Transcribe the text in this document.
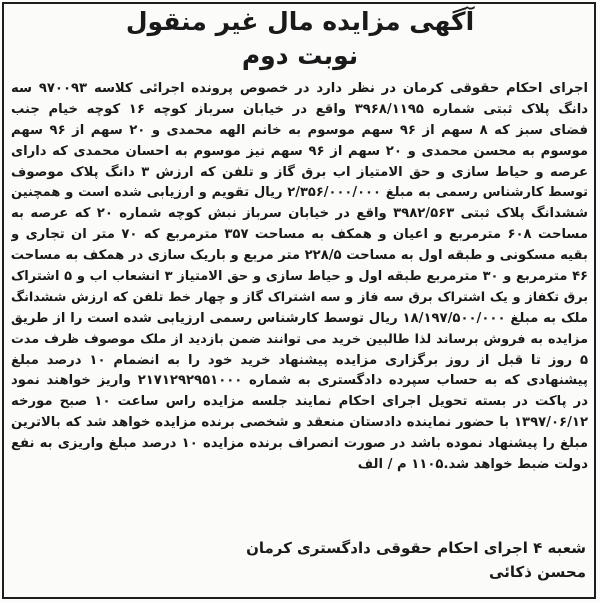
آگهی مزایده مال غیر منقول
نوبت دوم
اجرای احکام حقوقی کرمان در نظر دارد در خصوص پرونده اجرائی کلاسه ۹۷۰۰۹۳ سه
دانگ پلاک ثبتی شماره ۳۹۶۸/۱۱۹۵ واقع در خیابان سرباز کوچه ۱۶ کوچه خیام جنب
فضای سبز که ۸ سهم از ۹۶ سهم موسوم به خانم الهه محمدی و ۲۰ سهم از ۹۶ سهم
موسوم به محسن محمدی و ۲۰ سهم از ۹۶ سهم نیز موسوم به احسان محمدی که دارای
عرصه و حیاط سازی و حق الامتیاز اب برق گاز و تلفن که ارزش ۳ دانگ پلاک موصوف
توسط کارشناس رسمی به مبلغ ۲/۳۵۶/۰۰۰/۰۰۰ ریال تقویم و ارزیابی شده است و همچنین
ششدانگ پلاک ثبتی ۳۹۸۲/۵۶۳ واقع در خیابان سرباز نبش کوچه شماره ۲۰ که عرصه به
مساحت ۶۰۸ مترمربع و اعیان و همکف به مساحت ۳۵۷ مترمربع که ۷۰ متر ان تجاری و
بقیه مسکونی و طبقه اول به مساحت ۲۲۸/۵ متر مربع و باریک سازی در همکف به مساحت
۴۶ مترمربع و ۳۰ مترمربع طبقه اول و حیاط سازی و حق الامتیاز ۳ انشعاب اب و ۵ اشتراک
برق تکفاز و یک اشتراک برق سه فاز و سه اشتراک گاز و چهار خط تلفن که ارزش ششدانگ
ملک به مبلغ ۱۸/۱۹۷/۵۰۰/۰۰۰ ریال توسط کارشناس رسمی ارزیابی شده است را از طریق
مزایده به فروش برساند لذا طالبین خرید می توانند ضمن بازدید از ملک موصوف ظرف مدت
۵ روز تا قبل از روز برگزاری مزایده پیشنهاد خرید خود را به انضمام ۱۰ درصد مبلغ
پیشنهادی که به حساب سپرده دادگستری به شماره ۲۱۷۱۲۹۲۹۵۱۰۰۰ واریز خواهند نمود
در پاکت در بسته تحویل اجرای احکام نمایند جلسه مزایده راس ساعت ۱۰ صبح مورخه
۱۳۹۷/۰۶/۱۲ با حضور نماینده دادستان منعقد و شخصی برنده مزایده خواهد شد که بالاترین
مبلغ را پیشنهاد نموده باشد در صورت انصراف برنده مزایده ۱۰ درصد مبلغ واریزی به نفع
دولت ضبط خواهد شد.۱۱۰۵ م / الف
شعبه ۴ اجرای احکام حقوقی دادگستری کرمان
محسن ذکائی
